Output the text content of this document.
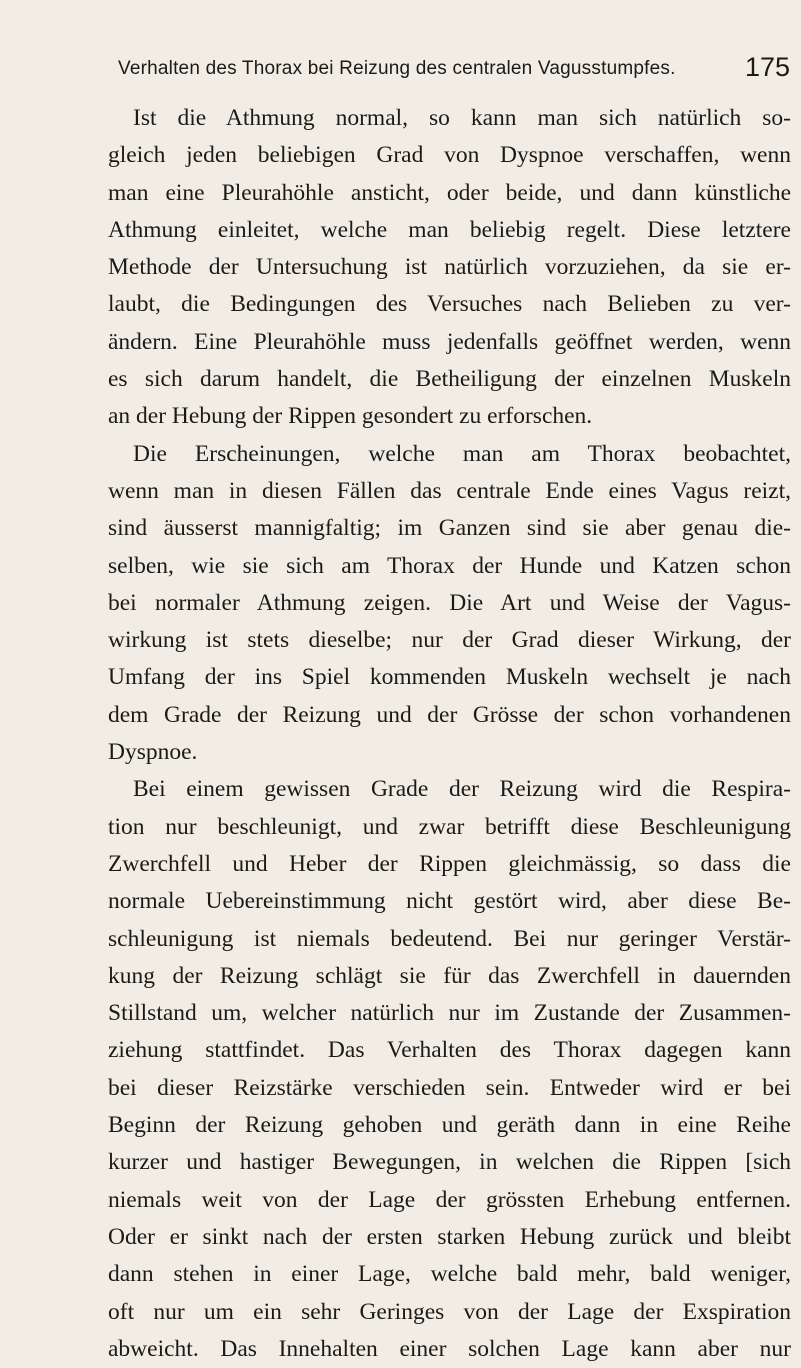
Verhalten des Thorax bei Reizung des centralen Vagusstumpfes.	175
Ist die Athmung normal, so kann man sich natürlich so-
gleich jeden beliebigen Grad von Dyspnoe verschaffen, wenn
man eine Pleurahöhle ansticht, oder beide, und dann künstliche
Athmung einleitet, welche man beliebig regelt. Diese letztere
Methode der Untersuchung ist natürlich vorzuziehen, da sie er-
laubt, die Bedingungen des Versuches nach Belieben zu ver-
ändern. Eine Pleurahöhle muss jedenfalls geöffnet werden, wenn
es sich darum handelt, die Betheiligung der einzelnen Muskeln
an der Hebung der Rippen gesondert zu erforschen.
Die Erscheinungen, welche man am Thorax beobachtet,
wenn man in diesen Fällen das centrale Ende eines Vagus reizt,
sind äusserst mannigfaltig; im Ganzen sind sie aber genau die-
selben, wie sie sich am Thorax der Hunde und Katzen schon
bei normaler Athmung zeigen. Die Art und Weise der Vagus-
wirkung ist stets dieselbe; nur der Grad dieser Wirkung, der
Umfang der ins Spiel kommenden Muskeln wechselt je nach
dem Grade der Reizung und der Grösse der schon vorhandenen
Dyspnoe.
Bei einem gewissen Grade der Reizung wird die Respira-
tion nur beschleunigt, und zwar betrifft diese Beschleunigung
Zwerchfell und Heber der Rippen gleichmässig, so dass die
normale Uebereinstimmung nicht gestört wird, aber diese Be-
schleunigung ist niemals bedeutend. Bei nur geringer Verstär-
kung der Reizung schlägt sie für das Zwerchfell in dauernden
Stillstand um, welcher natürlich nur im Zustande der Zusammen-
ziehung stattfindet. Das Verhalten des Thorax dagegen kann
bei dieser Reizstärke verschieden sein. Entweder wird er bei
Beginn der Reizung gehoben und geräth dann in eine Reihe
kurzer und hastiger Bewegungen, in welchen die Rippen [sich
niemals weit von der Lage der grössten Erhebung entfernen.
Oder er sinkt nach der ersten starken Hebung zurück und bleibt
dann stehen in einer Lage, welche bald mehr, bald weniger,
oft nur um ein sehr Geringes von der Lage der Exspiration
abweicht. Das Innehalten einer solchen Lage kann aber nur
